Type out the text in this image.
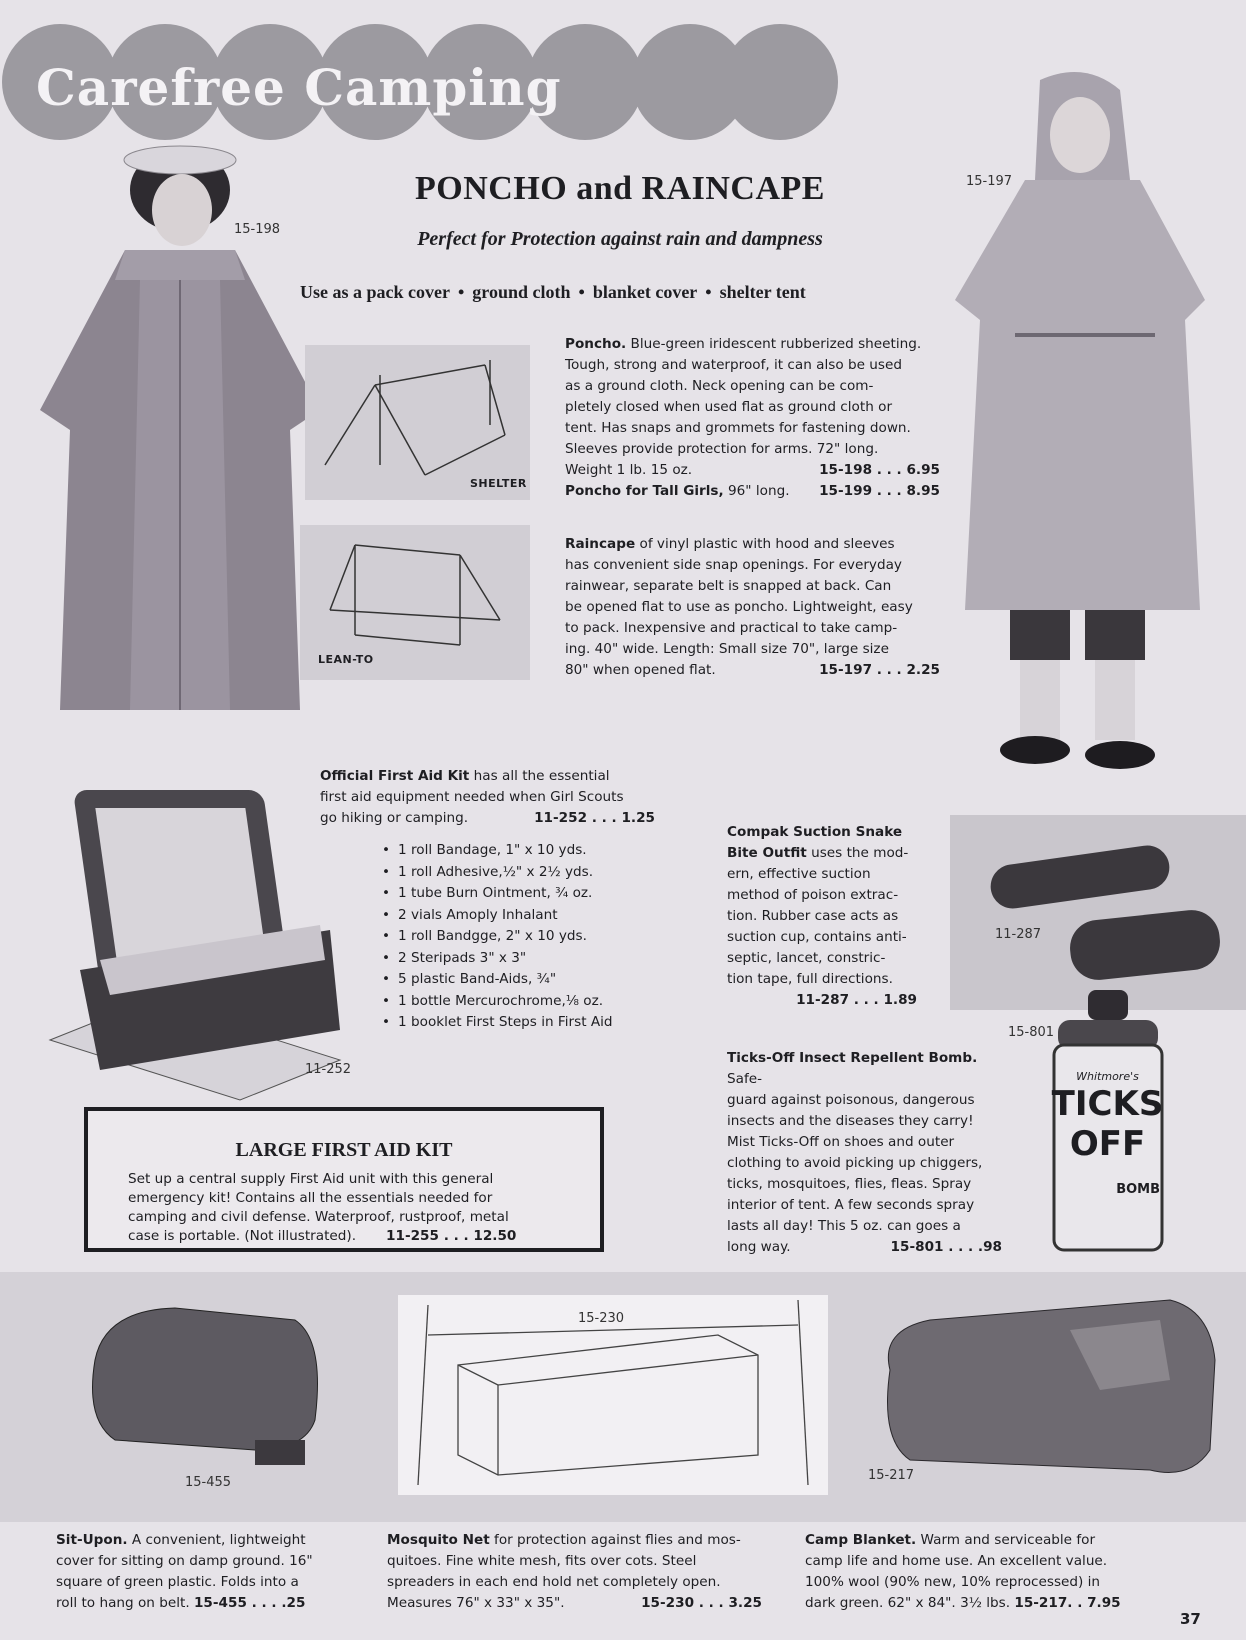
Carefree Camping
PONCHO and RAINCAPE
Perfect for Protection against rain and dampness
Use as a pack cover • ground cloth • blanket cover • shelter tent
15-198
SHELTER
LEAN-TO
Poncho. Blue-green iridescent rubberized sheeting.
Tough, strong and waterproof, it can also be used
as a ground cloth. Neck opening can be com-
pletely closed when used flat as ground cloth or
tent. Has snaps and grommets for fastening down.
Sleeves provide protection for arms. 72" long.
Weight 1 lb. 15 oz.	15-198 . . . 6.95
Poncho for Tall Girls, 96" long. 15-199 . . . 8.95
Raincape of vinyl plastic with hood and sleeves
has convenient side snap openings. For everyday
rainwear, separate belt is snapped at back. Can
be opened flat to use as poncho. Lightweight, easy
to pack. Inexpensive and practical to take camp-
ing. 40" wide. Length: Small size 70", large size
80" when opened flat.	15-197 . . . 2.25
15-197
Official First Aid Kit has all the essential
first aid equipment needed when Girl Scouts
go hiking or camping.	11-252 . . . 1.25
• 1 roll Bandage, 1" x 10 yds.
• 1 roll Adhesive,½" x 2½ yds.
• 1 tube Burn Ointment, ¾ oz.
• 2 vials Amoply Inhalant
• 1 roll Bandgge, 2" x 10 yds.
• 2 Steripads 3" x 3"
• 5 plastic Band-Aids, ¾"
• 1 bottle Mercurochrome,⅛ oz.
• 1 booklet First Steps in First Aid
11-252
LARGE FIRST AID KIT
Set up a central supply First Aid unit with this general
emergency kit! Contains all the essentials needed for
camping and civil defense. Waterproof, rustproof, metal
case is portable. (Not illustrated). 11-255 . . . 12.50
Compak Suction Snake
Bite Outfit uses the mod-
ern, effective suction
method of poison extrac-
tion. Rubber case acts as
suction cup, contains anti-
septic, lancet, constric-
tion tape, full directions.
11-287 . . . 1.89
11-287
Ticks-Off Insect Repellent Bomb. Safe-
guard against poisonous, dangerous
insects and the diseases they carry!
Mist Ticks-Off on shoes and outer
clothing to avoid picking up chiggers,
ticks, mosquitoes, flies, fleas. Spray
interior of tent. A few seconds spray
lasts all day! This 5 oz. can goes a
long way.	15-801 . . . .98
15-801
Whitmore's
TICKS
OFF
BOMB
15-455
15-230
15-217
Sit-Upon. A convenient, lightweight
cover for sitting on damp ground. 16"
square of green plastic. Folds into a
roll to hang on belt. 15-455 . . . .25
Mosquito Net for protection against flies and mos-
quitoes. Fine white mesh, fits over cots. Steel
spreaders in each end hold net completely open.
Measures 76" x 33" x 35".	15-230 . . . 3.25
Camp Blanket. Warm and serviceable for
camp life and home use. An excellent value.
100% wool (90% new, 10% reprocessed) in
dark green. 62" x 84". 3½ lbs. 15-217. . 7.95
37
